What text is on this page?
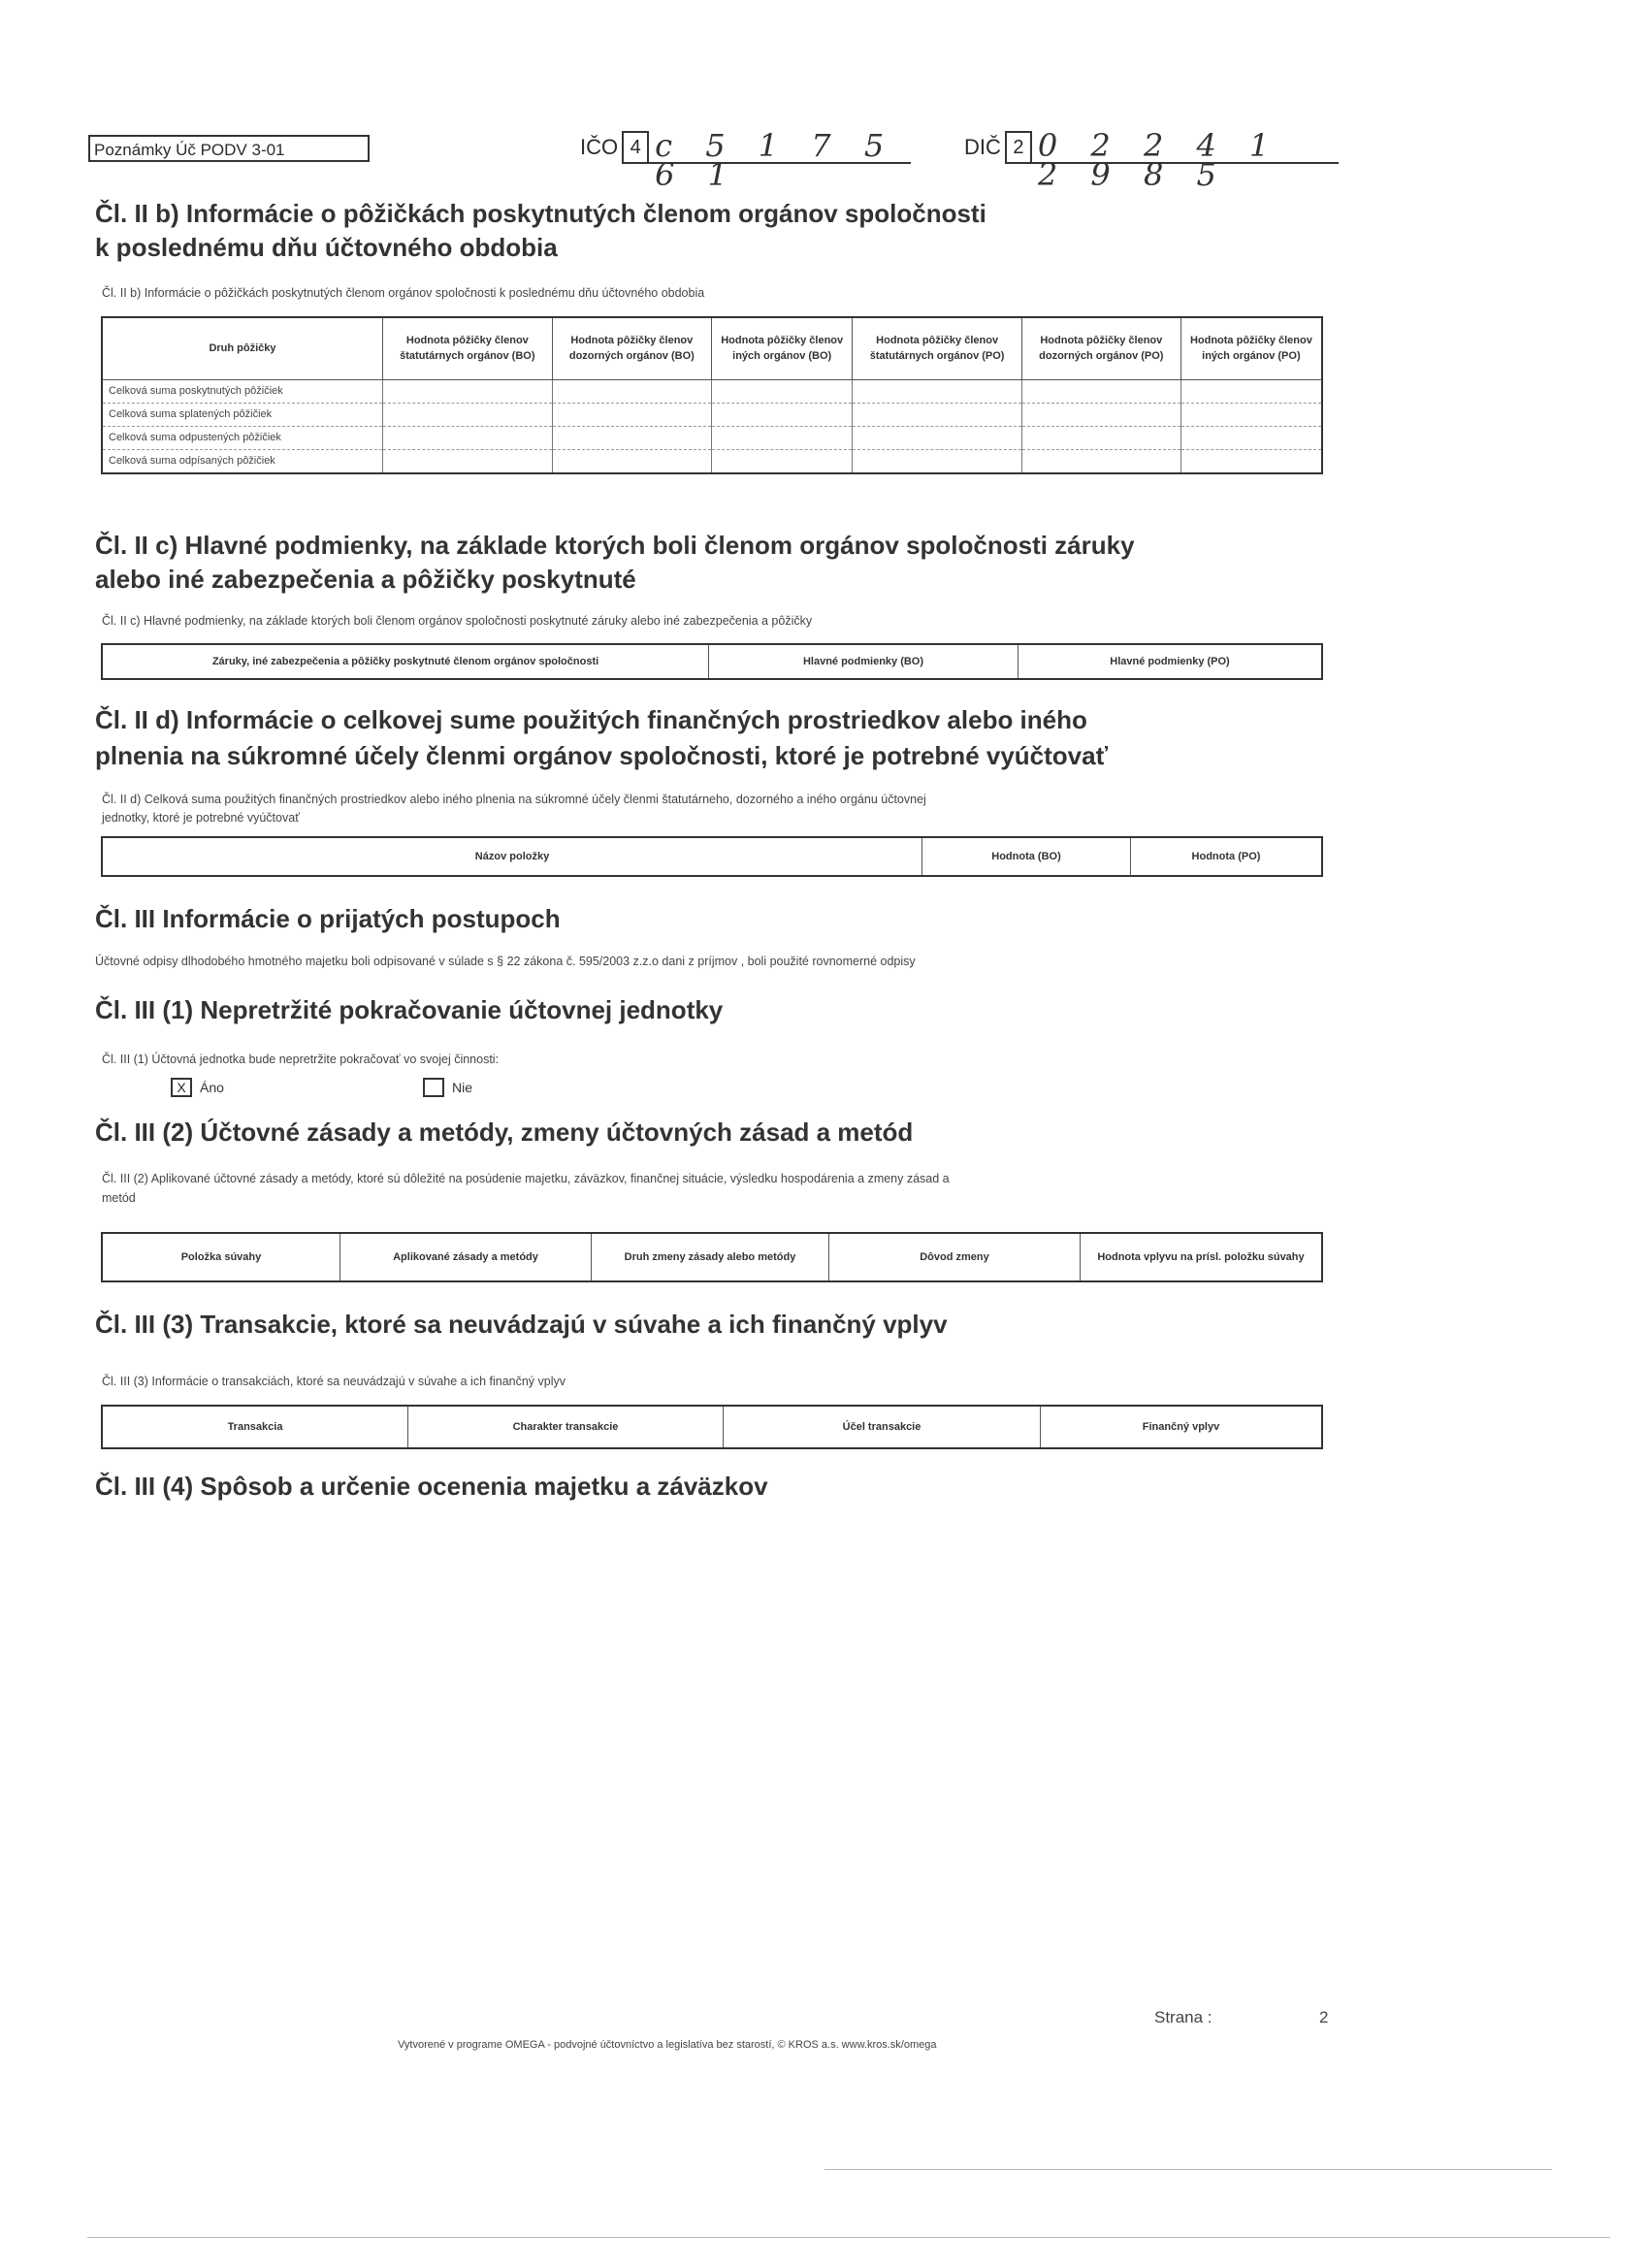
Poznámky Úč PODV 3-01	IČO 4 c 5 1 7 5 6 1
DIČ 2 0 2 2 4 1 2 9 8 5
Čl. II b) Informácie o pôžičkách poskytnutých členom orgánov spoločnosti
k poslednému dňu účtovného obdobia
Čl. II b) Informácie o pôžičkách poskytnutých členom orgánov spoločnosti k poslednému dňu účtovného obdobia
Druh pôžičky	Hodnota pôžičky členov štatutárnych orgánov (BO)	Hodnota pôžičky členov dozorných orgánov (BO)	Hodnota pôžičky členov iných orgánov (BO)	Hodnota pôžičky členov štatutárnych orgánov (PO)	Hodnota pôžičky členov dozorných orgánov (PO)	Hodnota pôžičky členov iných orgánov (PO)
Celková suma poskytnutých pôžičiek						
Celková suma splatených pôžičiek						
Celková suma odpustených pôžičiek						
Celková suma odpísaných pôžičiek						
Čl. II c) Hlavné podmienky, na základe ktorých boli členom orgánov spoločnosti záruky
alebo iné zabezpečenia a pôžičky poskytnuté
Čl. II c) Hlavné podmienky, na základe ktorých boli členom orgánov spoločnosti poskytnuté záruky alebo iné zabezpečenia a pôžičky
Záruky, iné zabezpečenia a pôžičky poskytnuté členom orgánov spoločnosti	Hlavné podmienky (BO)	Hlavné podmienky (PO)
Čl. II d) Informácie o celkovej sume použitých finančných prostriedkov alebo iného
plnenia na súkromné účely členmi orgánov spoločnosti, ktoré je potrebné vyúčtovať
Čl. II d) Celková suma použitých finančných prostriedkov alebo iného plnenia na súkromné účely členmi štatutárneho, dozorného a iného orgánu účtovnej
jednotky, ktoré je potrebné vyúčtovať
Názov položky	Hodnota (BO)	Hodnota (PO)
Čl. III Informácie o prijatých postupoch
Účtovné odpisy dlhodobého hmotného majetku boli odpisované v súlade s § 22 zákona č. 595/2003 z.z.o dani z príjmov , boli použité rovnomerné odpisy
Čl. III (1) Nepretržité pokračovanie účtovnej jednotky
Čl. III (1) Účtovná jednotka bude nepretržite pokračovať vo svojej činnosti:
X	Áno	Nie
Čl. III (2) Účtovné zásady a metódy, zmeny účtovných zásad a metód
Čl. III (2) Aplikované účtovné zásady a metódy, ktoré sú dôležité na posúdenie majetku, záväzkov, finančnej situácie, výsledku hospodárenia a zmeny zásad a
metód
Položka súvahy	Aplikované zásady a metódy	Druh zmeny zásady alebo metódy	Dôvod zmeny	Hodnota vplyvu na prísl. položku súvahy
Čl. III (3) Transakcie, ktoré sa neuvádzajú v súvahe a ich finančný vplyv
Čl. III (3) Informácie o transakciách, ktoré sa neuvádzajú v súvahe a ich finančný vplyv
Transakcia	Charakter transakcie	Účel transakcie	Finančný vplyv
Čl. III (4) Spôsob a určenie ocenenia majetku a záväzkov
Strana :	2
Vytvorené v programe OMEGA - podvojné účtovníctvo a legislatíva bez starostí, © KROS a.s. www.kros.sk/omega
